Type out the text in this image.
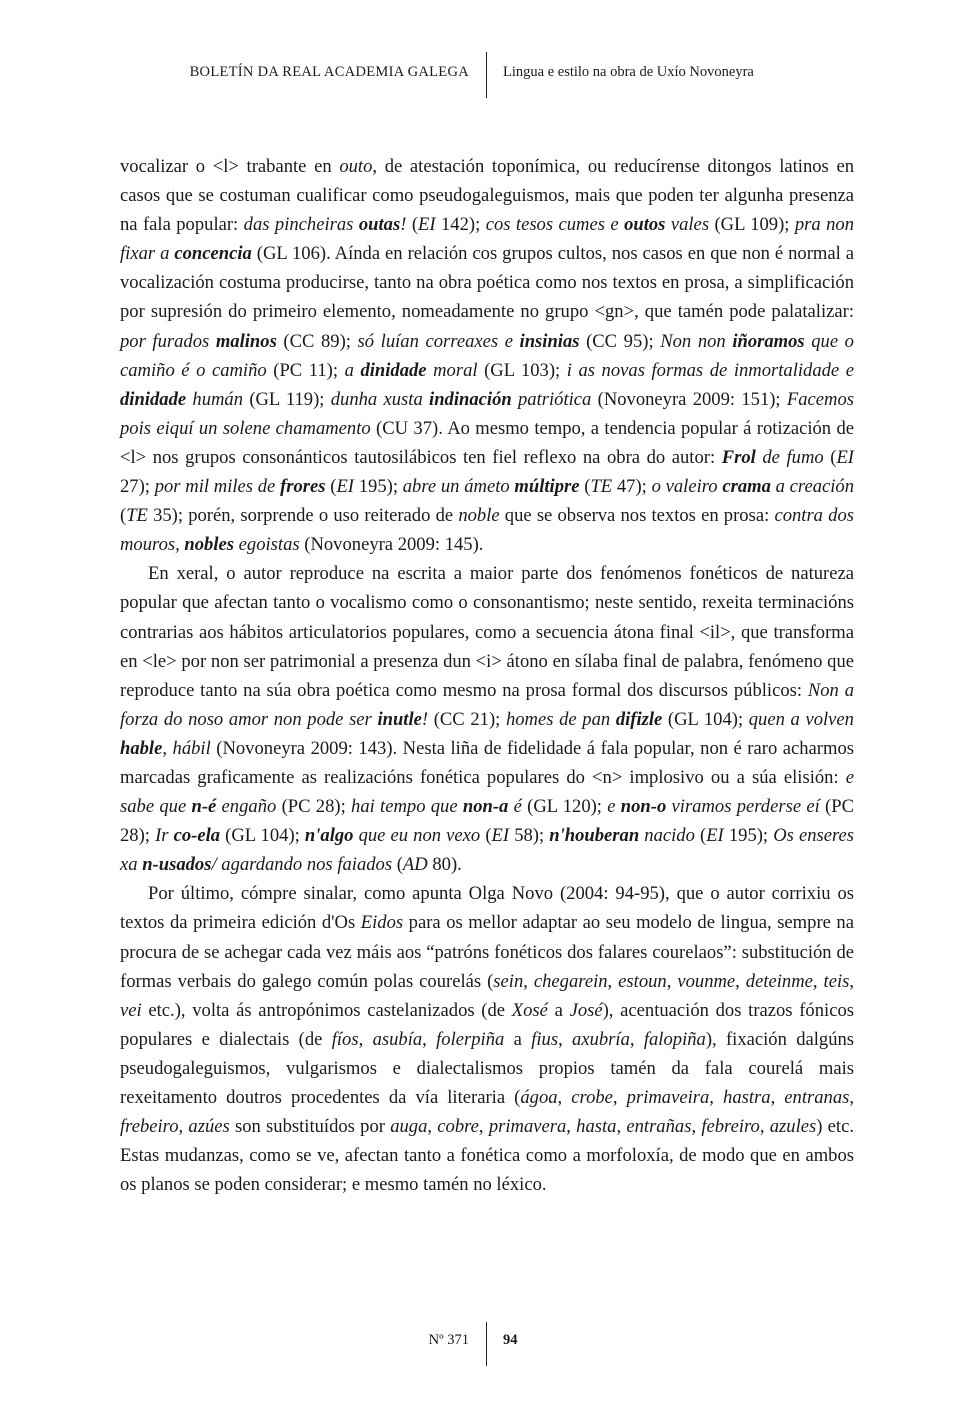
BOLETÍN DA REAL ACADEMIA GALEGA Lingua e estilo na obra de Uxío Novoneyra

vocalizar o <l> trabante en outo, de atestación toponímica, ou reducírense ditongos latinos en casos que se costuman cualificar como pseudogaleguismos, mais que poden ter algunha presenza na fala popular: das pincheiras outas! (EI 142); cos tesos cumes e outos vales (GL 109); pra non fixar a concencia (GL 106). Aínda en relación cos grupos cultos, nos casos en que non é normal a vocalización costuma producirse, tanto na obra poética como nos textos en prosa, a simplificación por supresión do primeiro elemento, nomeadamente no grupo <gn>, que tamén pode palatalizar: por furados malinos (CC 89); só luían correaxes e insinias (CC 95); Non non iñoramos que o camiño é o camiño (PC 11); a dinidade moral (GL 103); i as novas formas de inmortalidade e dinidade humán (GL 119); dunha xusta indinación patriótica (Novoneyra 2009: 151); Facemos pois eiquí un solene chamamento (CU 37). Ao mesmo tempo, a tendencia popular á rotización de <l> nos grupos consonánticos tautosilábicos ten fiel reflexo na obra do autor: Frol de fumo (EI 27); por mil miles de frores (EI 195); abre un ámeto múltipre (TE 47); o valeiro crama a creación (TE 35); porén, sorprende o uso reiterado de noble que se observa nos textos en prosa: contra dos mouros, nobles egoistas (Novoneyra 2009: 145).

En xeral, o autor reproduce na escrita a maior parte dos fenómenos fonéticos de natureza popular que afectan tanto o vocalismo como o consonantismo; neste sentido, rexeita terminacións contrarias aos hábitos articulatorios populares, como a secuencia átona final <il>, que transforma en <le> por non ser patrimonial a presenza dun <i> átono en sílaba final de palabra, fenómeno que reproduce tanto na súa obra poética como mesmo na prosa formal dos discursos públicos: Non a forza do noso amor non pode ser inutle! (CC 21); homes de pan difizle (GL 104); quen a volven hable, hábil (Novoneyra 2009: 143). Nesta liña de fidelidade á fala popular, non é raro acharmos marcadas graficamente as realizacións fonética populares do <n> implosivo ou a súa elisión: e sabe que n-é engaño (PC 28); hai tempo que non-a é (GL 120); e non-o viramos perderse eí (PC 28); Ir co-ela (GL 104); n'algo que eu non vexo (EI 58); n'houberan nacido (EI 195); Os enseres xa n-usados/ agardando nos faiados (AD 80).

Por último, cómpre sinalar, como apunta Olga Novo (2004: 94-95), que o autor corrixiu os textos da primeira edición d'Os Eidos para os mellor adaptar ao seu modelo de lingua, sempre na procura de se achegar cada vez máis aos “patróns fonéticos dos falares courelaos”: substitución de formas verbais do galego común polas courelás (sein, chegarein, estoun, vounme, deteinme, teis, vei etc.), volta ás antropónimos castelanizados (de Xosé a José), acentuación dos trazos fónicos populares e dialectais (de fíos, asubía, folerpiña a fius, axubría, falopiña), fixación dalgúns pseudogaleguismos, vulgarismos e dialectalismos propios tamén da fala courelá mais rexeitamento doutros procedentes da vía literaria (ágoa, crobe, primaveira, hastra, entranas, frebeiro, azúes son substituídos por auga, cobre, primavera, hasta, entrañas, febreiro, azules) etc. Estas mudanzas, como se ve, afectan tanto a fonética como a morfoloxía, de modo que en ambos os planos se poden considerar; e mesmo tamén no léxico.

Nº 371 94
